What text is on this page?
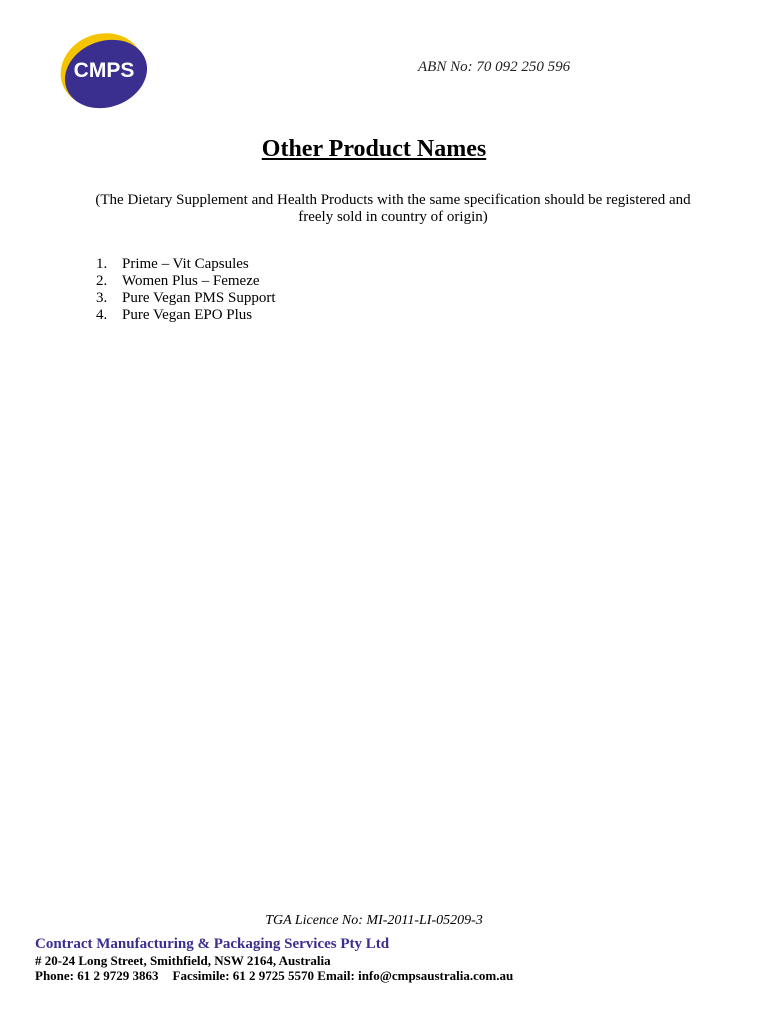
CMPS	ABN No: 70 092 250 596
Other Product Names

(The Dietary Supplement and Health Products with the same specification should be registered and freely sold in country of origin)

1. Prime – Vit Capsules
2. Women Plus – Femeze
3. Pure Vegan PMS Support
4. Pure Vegan EPO Plus
TGA Licence No: MI-2011-LI-05209-3
Contract Manufacturing & Packaging Services Pty Ltd
# 20-24 Long Street, Smithfield, NSW 2164, Australia
Phone: 61 2 9729 3863 Facsimile: 61 2 9725 5570 Email: info@cmpsaustralia.com.au
